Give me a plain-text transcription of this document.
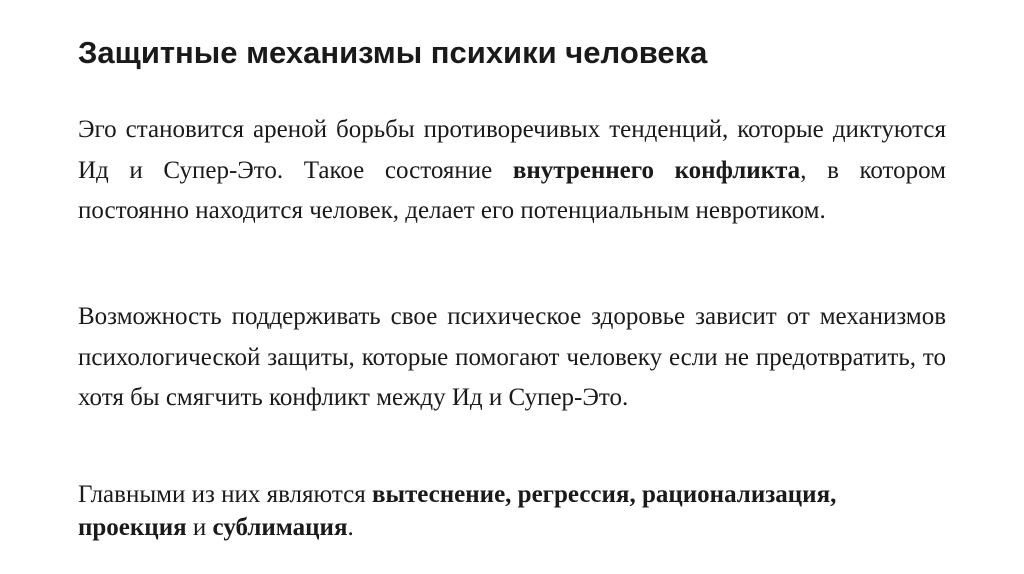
Защитные механизмы психики человека

Эго становится ареной борьбы противоречивых тенденций, которые диктуются Ид и Супер-Это. Такое состояние внутреннего конфликта, в котором постоянно находится человек, делает его потенциальным невротиком.

Возможность поддерживать свое психическое здоровье зависит от механизмов психологической защиты, которые помогают человеку если не предотвратить, то хотя бы смягчить конфликт между Ид и Супер-Это.

Главными из них являются вытеснение, регрессия, рационализация, проекция и сублимация.
